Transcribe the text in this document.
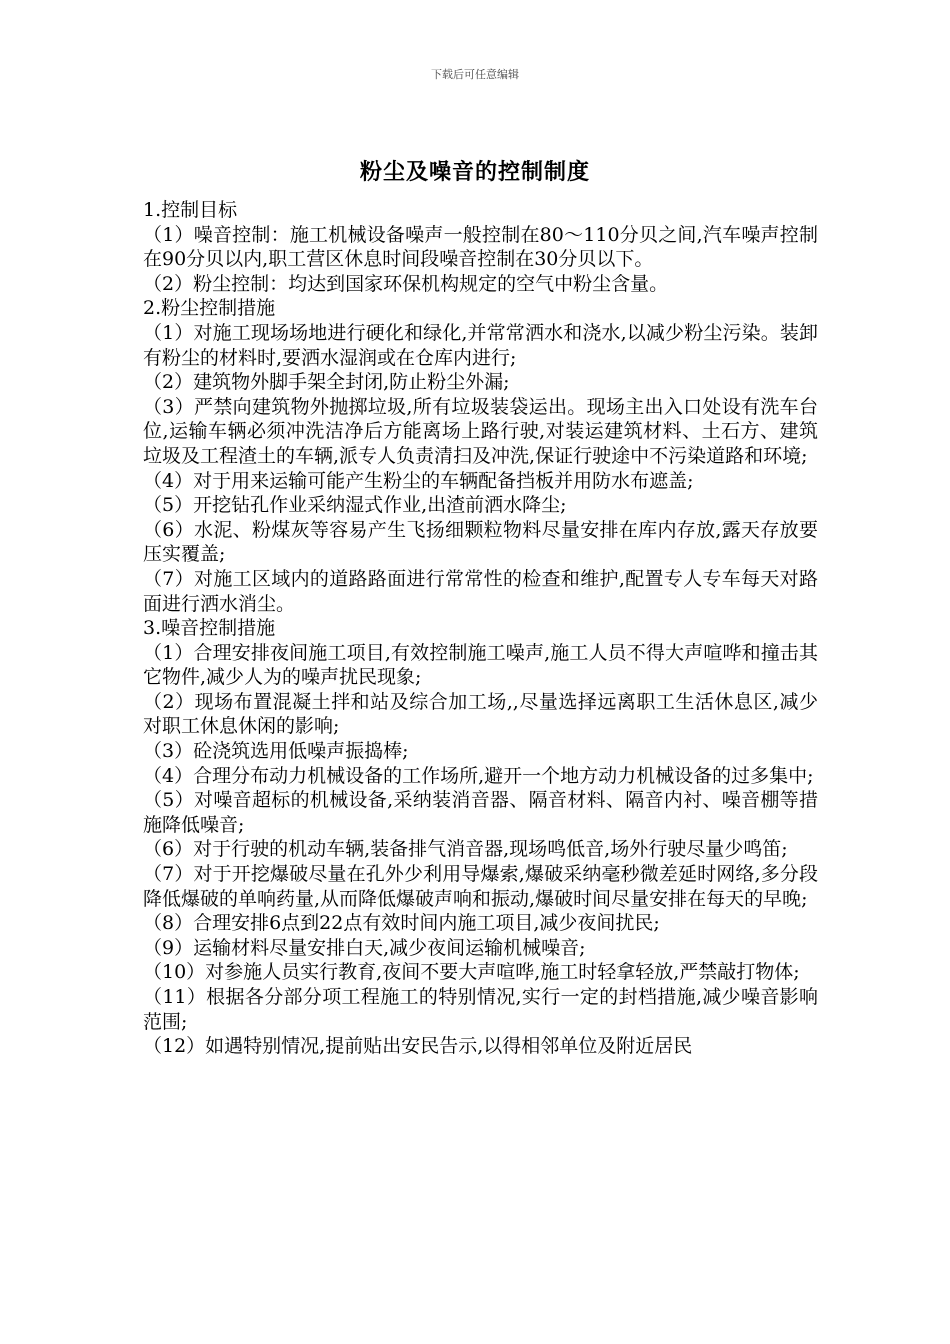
下载后可任意编辑
粉尘及噪音的控制制度

1.控制目标

（1）噪音控制：施工机械设备噪声一般控制在80～110分贝之间,汽车噪声控制在90分贝以内,职工营区休息时间段噪音控制在30分贝以下。

（2）粉尘控制：均达到国家环保机构规定的空气中粉尘含量。

2.粉尘控制措施

（1）对施工现场场地进行硬化和绿化,并常常洒水和浇水,以减少粉尘污染。装卸有粉尘的材料时,要洒水湿润或在仓库内进行;

（2）建筑物外脚手架全封闭,防止粉尘外漏;

（3）严禁向建筑物外抛掷垃圾,所有垃圾装袋运出。现场主出入口处设有洗车台位,运输车辆必须冲洗洁净后方能离场上路行驶,对装运建筑材料、土石方、建筑垃圾及工程渣土的车辆,派专人负责清扫及冲洗,保证行驶途中不污染道路和环境;

（4）对于用来运输可能产生粉尘的车辆配备挡板并用防水布遮盖;

（5）开挖钻孔作业采纳湿式作业,出渣前洒水降尘;

（6）水泥、粉煤灰等容易产生飞扬细颗粒物料尽量安排在库内存放,露天存放要压实覆盖;

（7）对施工区域内的道路路面进行常常性的检查和维护,配置专人专车每天对路面进行洒水消尘。

3.噪音控制措施

（1）合理安排夜间施工项目,有效控制施工噪声,施工人员不得大声喧哗和撞击其它物件,减少人为的噪声扰民现象;

（2）现场布置混凝土拌和站及综合加工场,,尽量选择远离职工生活休息区,减少对职工休息休闲的影响;

（3）砼浇筑选用低噪声振捣棒;

（4）合理分布动力机械设备的工作场所,避开一个地方动力机械设备的过多集中;

（5）对噪音超标的机械设备,采纳装消音器、隔音材料、隔音内衬、噪音棚等措施降低噪音;

（6）对于行驶的机动车辆,装备排气消音器,现场鸣低音,场外行驶尽量少鸣笛;

（7）对于开挖爆破尽量在孔外少利用导爆索,爆破采纳毫秒微差延时网络,多分段降低爆破的单响药量,从而降低爆破声响和振动,爆破时间尽量安排在每天的早晚;

（8）合理安排6点到22点有效时间内施工项目,减少夜间扰民;

（9）运输材料尽量安排白天,减少夜间运输机械噪音;

（10）对参施人员实行教育,夜间不要大声喧哗,施工时轻拿轻放,严禁敲打物体;

（11）根据各分部分项工程施工的特别情况,实行一定的封档措施,减少噪音影响范围;

（12）如遇特别情况,提前贴出安民告示,以得相邻单位及附近居民
